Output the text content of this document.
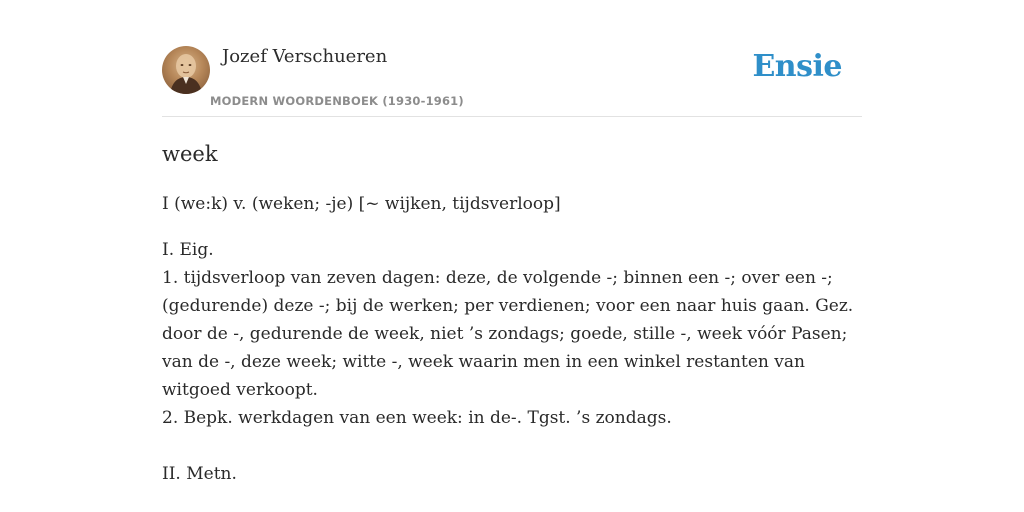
Jozef Verschueren
MODERN WOORDENBOEK (1930-1961)
Ensie
week
I (we:k) v. (weken; -je) [~ wijken, tijdsverloop]
I. Eig.
1. tijdsverloop van zeven dagen: deze, de volgende -; binnen een -; over een -;
(gedurende) deze -; bij de werken; per verdienen; voor een naar huis gaan. Gez.
door de -, gedurende de week, niet ’s zondags; goede, stille -, week vóór Pasen;
van de -, deze week; witte -, week waarin men in een winkel restanten van
witgoed verkoopt.
2. Bepk. werkdagen van een week: in de-. Tgst. ’s zondags.
II. Metn.
